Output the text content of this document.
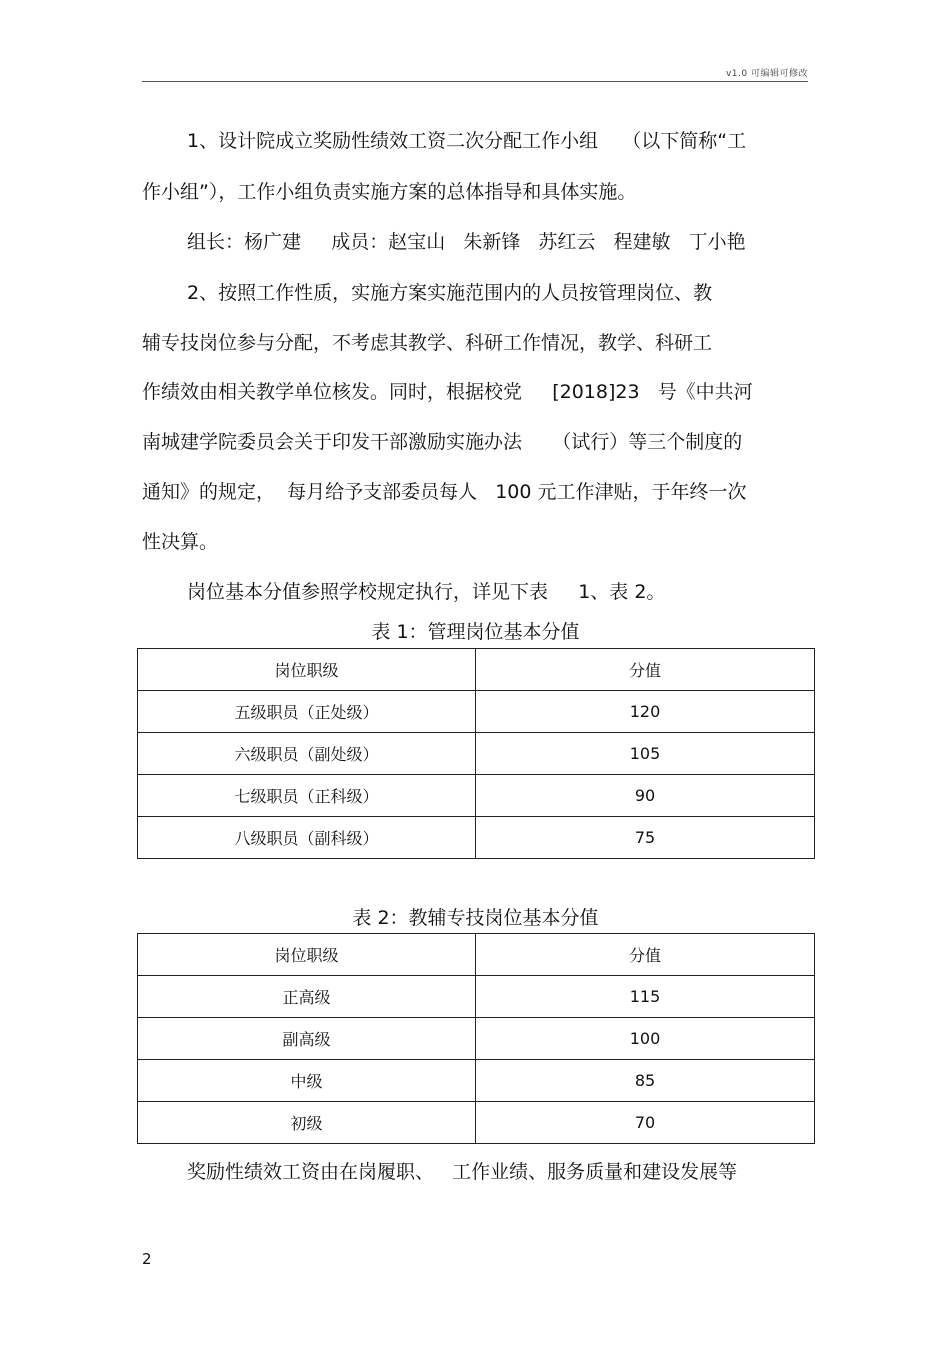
v1.0 可编辑可修改
1、设计院成立奖励性绩效工资二次分配工作小组    （以下简称“工
作小组”），工作小组负责实施方案的总体指导和具体实施。
组长：杨广建     成员：赵宝山   朱新锋   苏红云   程建敏   丁小艳
2、按照工作性质，实施方案实施范围内的人员按管理岗位、教
辅专技岗位参与分配，不考虑其教学、科研工作情况，教学、科研工
作绩效由相关教学单位核发。同时，根据校党     [2018]23   号《中共河
南城建学院委员会关于印发干部激励实施办法     （试行）等三个制度的
通知》的规定，  每月给予支部委员每人   100 元工作津贴，于年终一次
性决算。
岗位基本分值参照学校规定执行，详见下表     1、表 2。
表 1：管理岗位基本分值
岗位职级	分值
五级职员（正处级）	120
六级职员（副处级）	105
七级职员（正科级）	90
八级职员（副科级）	75
表 2：教辅专技岗位基本分值
岗位职级	分值
正高级	115
副高级	100
中级	85
初级	70
奖励性绩效工资由在岗履职、   工作业绩、服务质量和建设发展等
2
